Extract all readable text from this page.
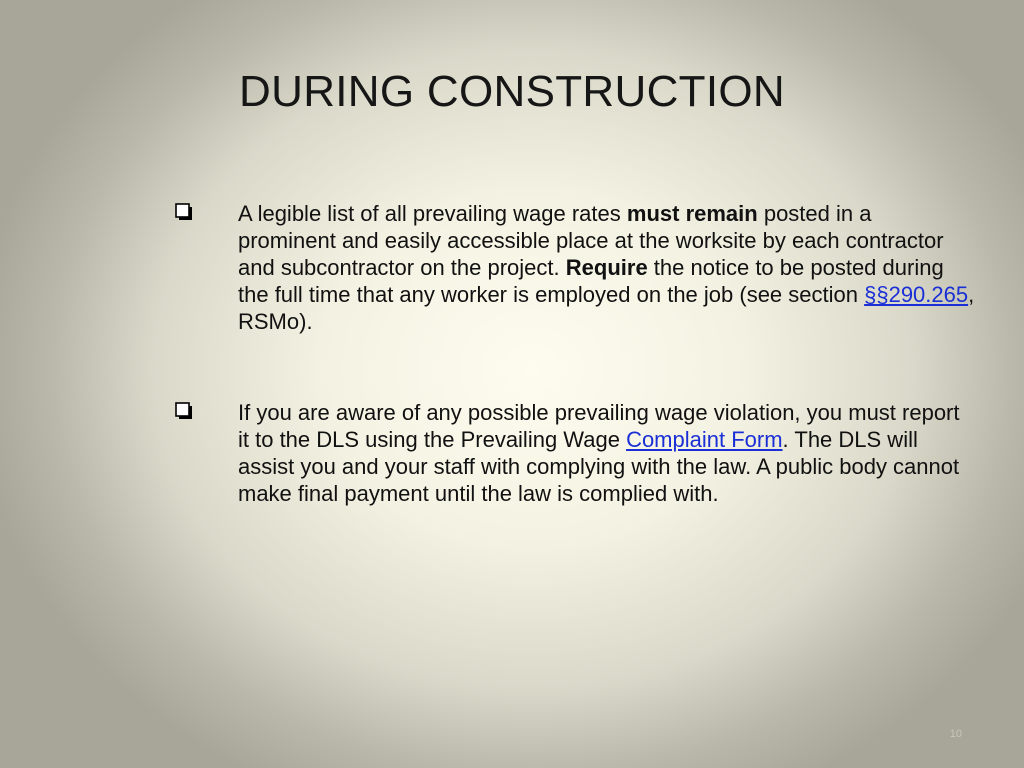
DURING CONSTRUCTION
A legible list of all prevailing wage rates must remain posted in a prominent and easily accessible place at the worksite by each contractor and subcontractor on the project. Require the notice to be posted during the full time that any worker is employed on the job (see section §§290.265, RSMo).
If you are aware of any possible prevailing wage violation, you must report it to the DLS using the Prevailing Wage Complaint Form. The DLS will assist you and your staff with complying with the law. A public body cannot make final payment until the law is complied with.
10
